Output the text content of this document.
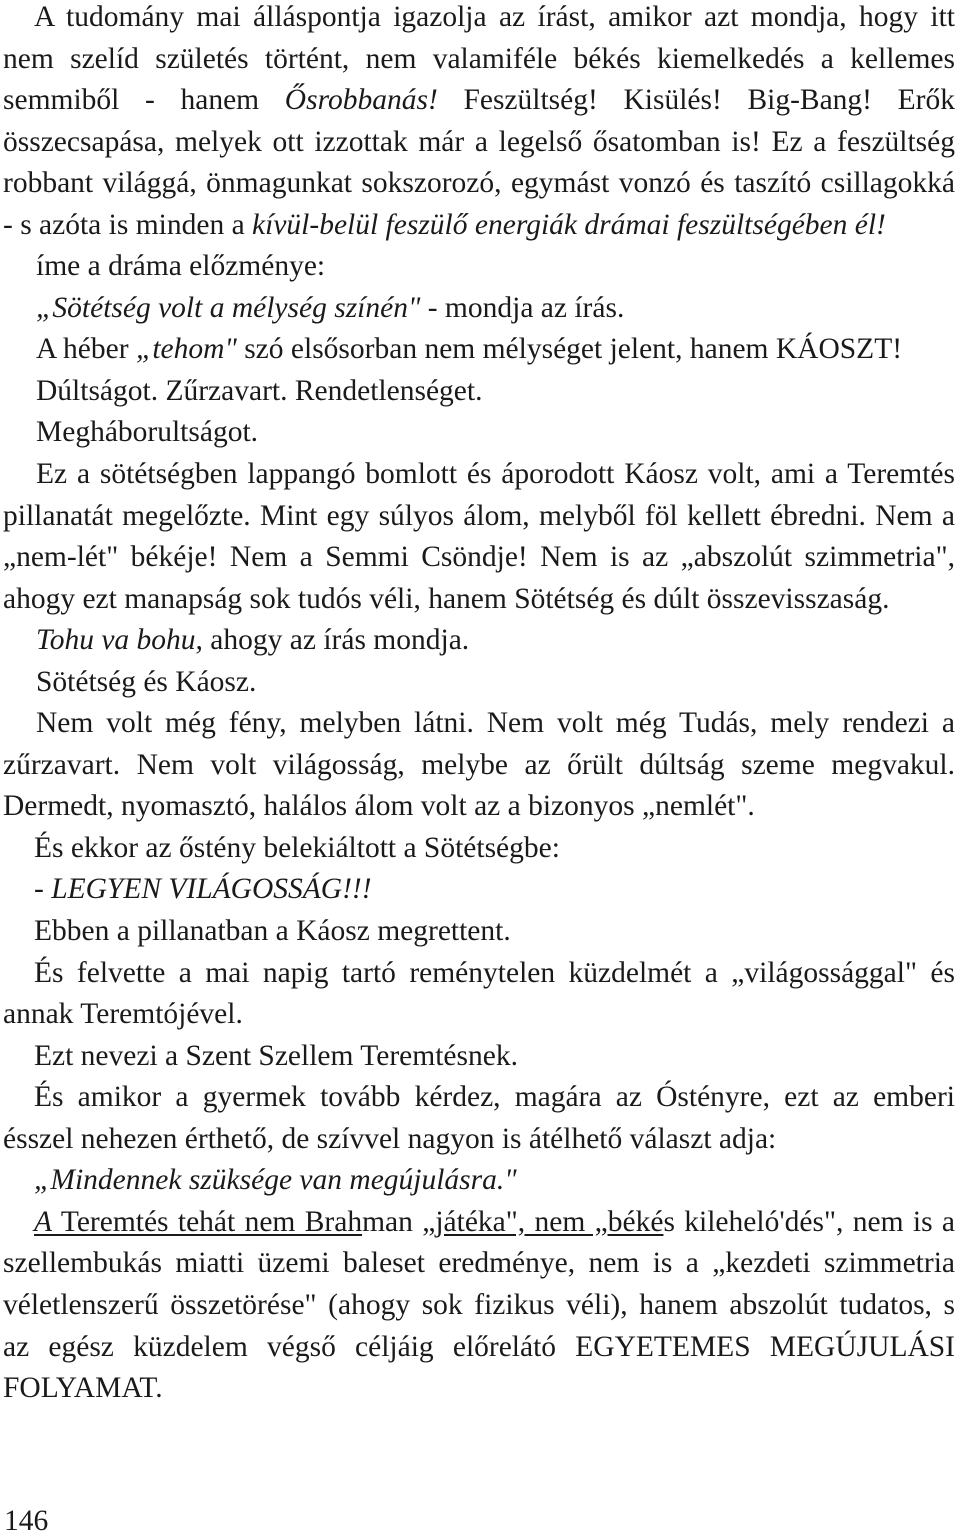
A tudomány mai álláspontja igazolja az írást, amikor azt mondja, hogy itt
nem szelíd születés történt, nem valamiféle békés kiemelkedés a kellemes
semmiből - hanem Ősrobbanás! Feszültség! Kisülés! Big-Bang! Erők
összecsapása, melyek ott izzottak már a legelső ősatomban is! Ez a feszültség
robbant világgá, önmagunkat sokszorozó, egymást vonzó és taszító csillagokká
- s azóta is minden a kívül-belül feszülő energiák drámai feszültségében él!
íme a dráma előzménye:
„Sötétség volt a mélység színén" - mondja az írás.
A héber „tehom" szó elsősorban nem mélységet jelent, hanem KÁOSZT!
Dúltságot. Zűrzavart. Rendetlenséget.
Megháborultságot.
Ez a sötétségben lappangó bomlott és áporodott Káosz volt, ami a Teremtés
pillanatát megelőzte. Mint egy súlyos álom, melyből föl kellett ébredni. Nem a
„nem-lét" békéje! Nem a Semmi Csöndje! Nem is az „abszolút szimmetria",
ahogy ezt manapság sok tudós véli, hanem Sötétség és dúlt összevisszaság.
Tohu va bohu, ahogy az írás mondja.
Sötétség és Káosz.
Nem volt még fény, melyben látni. Nem volt még Tudás, mely rendezi a
zűrzavart. Nem volt világosság, melybe az őrült dúltság szeme megvakul.
Dermedt, nyomasztó, halálos álom volt az a bizonyos „nemlét".
És ekkor az őstény belekiáltott a Sötétségbe:
- LEGYEN VILÁGOSSÁG!!!
Ebben a pillanatban a Káosz megrettent.
És felvette a mai napig tartó reménytelen küzdelmét a „világossággal" és
annak Teremtójével.
Ezt nevezi a Szent Szellem Teremtésnek.
És amikor a gyermek tovább kérdez, magára az Óstényre, ezt az emberi
ésszel nehezen érthető, de szívvel nagyon is átélhető választ adja:
„Mindennek szüksége van megújulásra."
A Teremtés tehát nem Brahman „játéka", nem „békés kileheló'dés", nem is a
szellembukás miatti üzemi baleset eredménye, nem is a „kezdeti szimmetria
véletlenszerű összetörése" (ahogy sok fizikus véli), hanem abszolút tudatos, s
az egész küzdelem végső céljáig előrelátó EGYETEMES MEGÚJULÁSI
FOLYAMAT.
146
